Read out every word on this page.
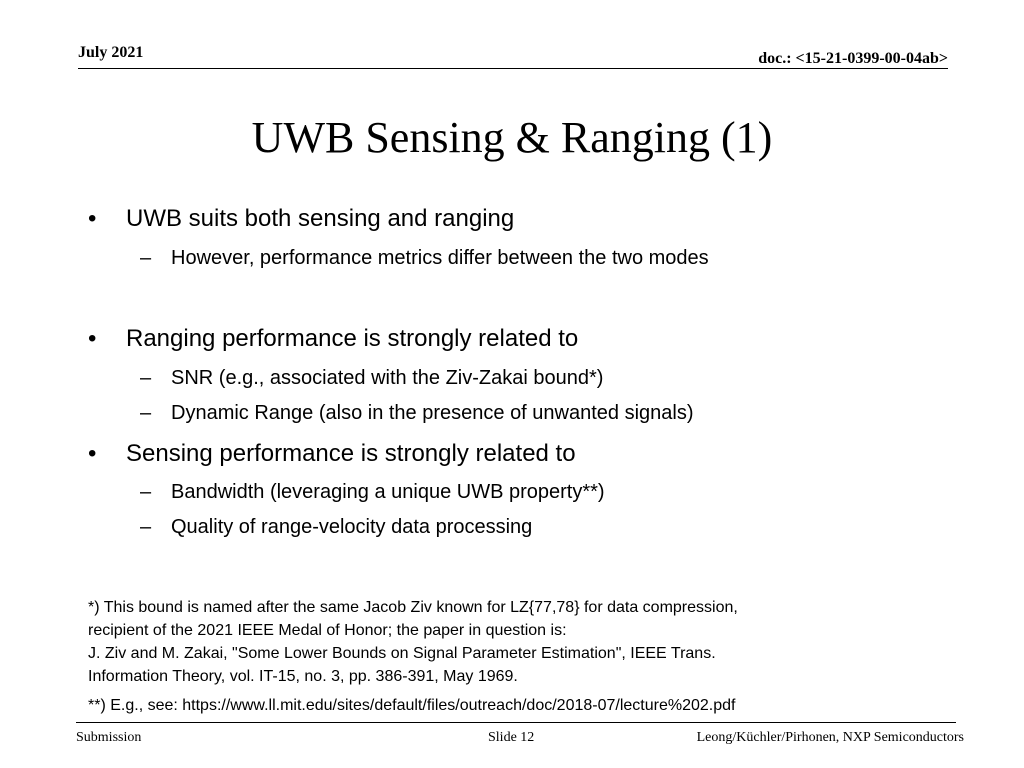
July 2021	doc.: <15-21-0399-00-04ab>
UWB Sensing & Ranging (1)
• UWB suits both sensing and ranging
– However, performance metrics differ between the two modes
• Ranging performance is strongly related to
– SNR (e.g., associated with the Ziv-Zakai bound*)
– Dynamic Range (also in the presence of unwanted signals)
• Sensing performance is strongly related to
– Bandwidth (leveraging a unique UWB property**)
– Quality of range-velocity data processing
*) This bound is named after the same Jacob Ziv known for LZ{77,78} for data compression,
recipient of the 2021 IEEE Medal of Honor; the paper in question is:
J. Ziv and M. Zakai, "Some Lower Bounds on Signal Parameter Estimation", IEEE Trans.
Information Theory, vol. IT-15, no. 3, pp. 386-391, May 1969.
**) E.g., see: https://www.ll.mit.edu/sites/default/files/outreach/doc/2018-07/lecture%202.pdf
Submission	Slide 12	Leong/Küchler/Pirhonen, NXP Semiconductors
